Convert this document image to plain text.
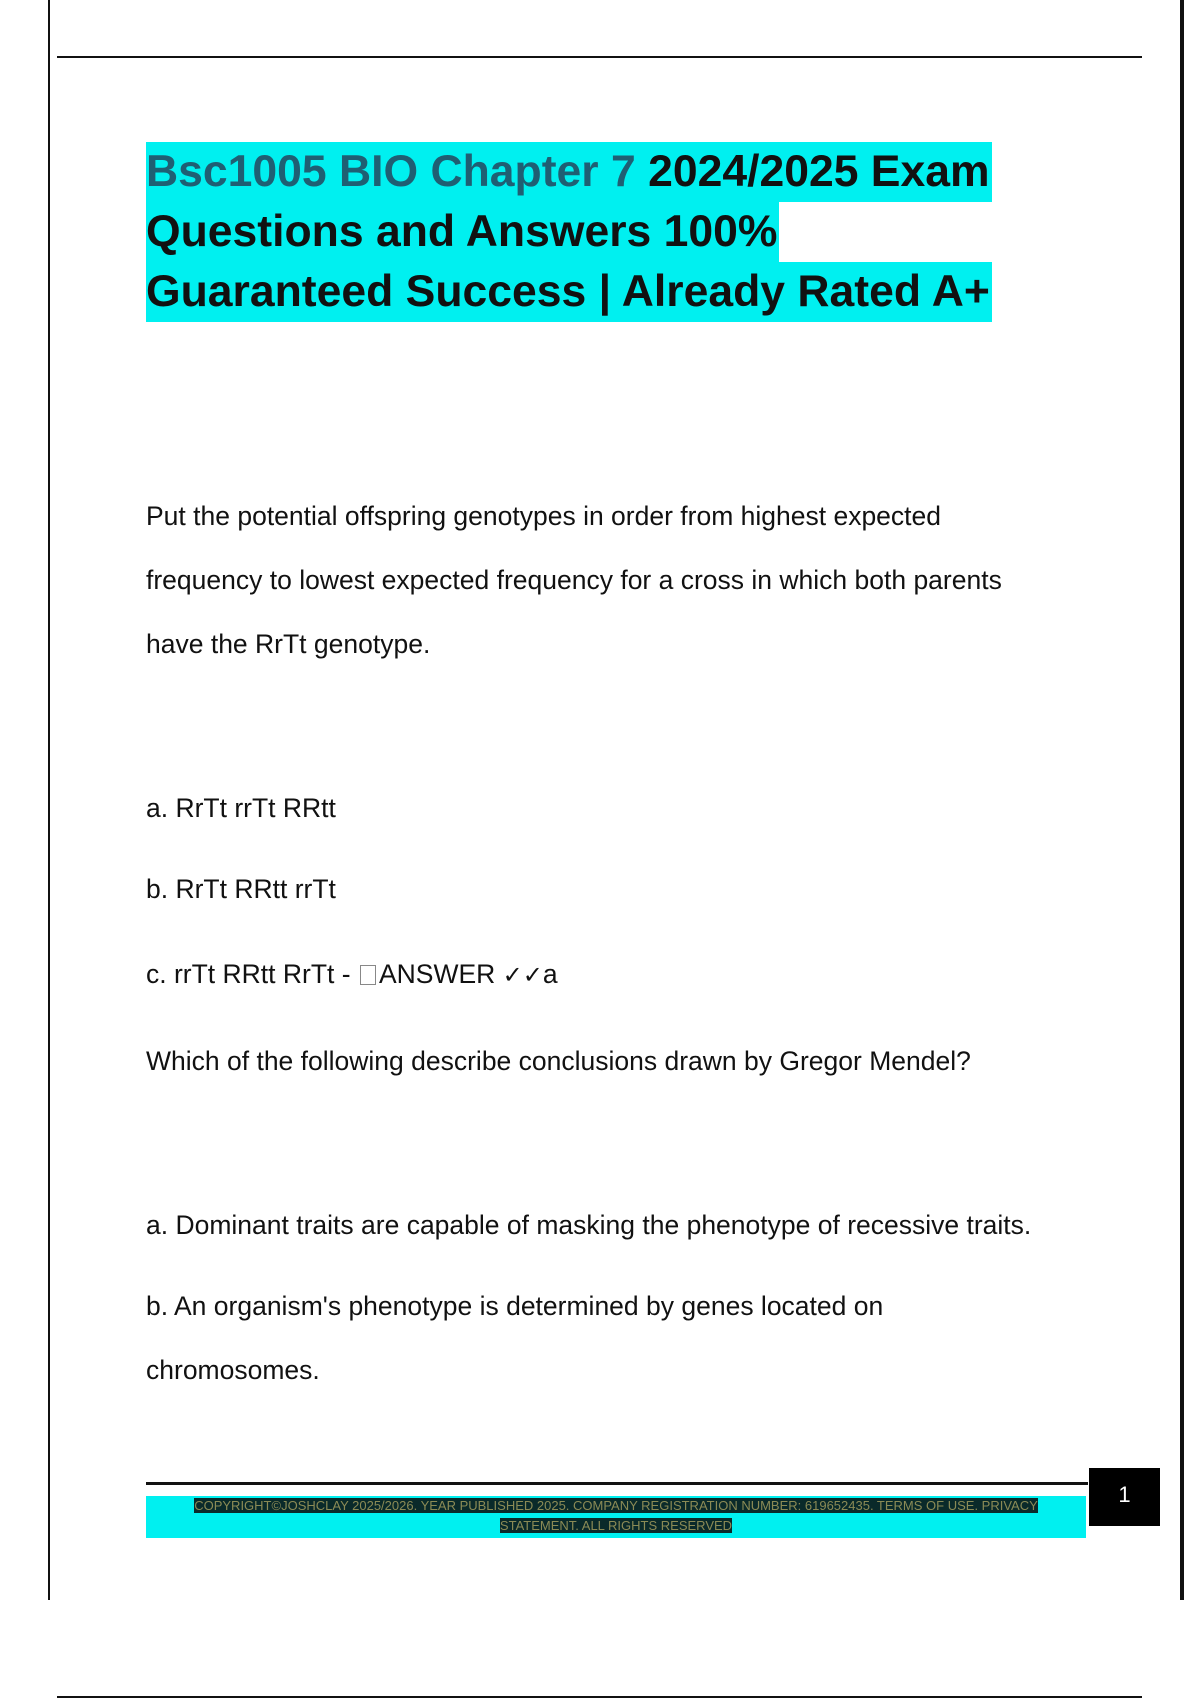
Bsc1005 BIO Chapter 7 2024/2025 Exam
Questions and Answers 100%
Guaranteed Success | Already Rated A+

Put the potential offspring genotypes in order from highest expected

frequency to lowest expected frequency for a cross in which both parents

have the RrTt genotype.

a. RrTt rrTt RRtt

b. RrTt RRtt rrTt

c. rrTt RRtt RrTt - ANSWER ✓✓a

Which of the following describe conclusions drawn by Gregor Mendel?

a. Dominant traits are capable of masking the phenotype of recessive traits.

b. An organism's phenotype is determined by genes located on

chromosomes.

COPYRIGHT©JOSHCLAY 2025/2026. YEAR PUBLISHED 2025. COMPANY REGISTRATION NUMBER: 619652435. TERMS OF USE. PRIVACY
STATEMENT. ALL RIGHTS RESERVED
1
